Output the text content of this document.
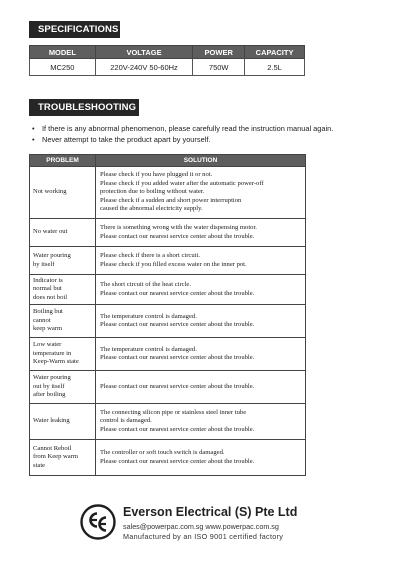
SPECIFICATIONS
MODEL	VOLTAGE	POWER	CAPACITY
MC250	220V-240V 50-60Hz	750W	2.5L
TROUBLESHOOTING
• If there is any abnormal phenomenon, please carefully read the instruction manual again.
• Never attempt to take the product apart by yourself.
PROBLEM	SOLUTION

Not working	Please check if you have plugged it or not.
Please check if you added water after the automatic power-off
protection due to boiling without water.
Please check if a sudden and short power interruption
caused the abnormal electricity supply.

No water out	There is something wrong with the water dispensing motor.
Please contact our nearest service center about the trouble.

Water pouring
by itself	Please check if there is a short circuit.
Please check if you filled excess water on the inner pot.

Indicator is
normal but
does not boil	The short circuit of the heat circle.
Please contact our nearest service center about the trouble.

Boiling but
cannot
keep warm	The temperature control is damaged.
Please contact our nearest service center about the trouble.

Low water
temperature in
Keep-Warm state	The temperature control is damaged.
Please contact our nearest service center about the trouble.

Water pouring
out by itself
after boiling	Please contact our nearest service center about the trouble.

Water leaking	The connecting silicon pipe or stainless steel inner tube
control is damaged.
Please contact our nearest service center about the trouble.

Cannot Reboil
from Keep warm
state	The controller or soft touch switch is damaged.
Please contact our nearest service center about the trouble.
Everson Electrical (S) Pte Ltd
sales@powerpac.com.sg www.powerpac.com.sg
Manufactured by an ISO 9001 certified factory
